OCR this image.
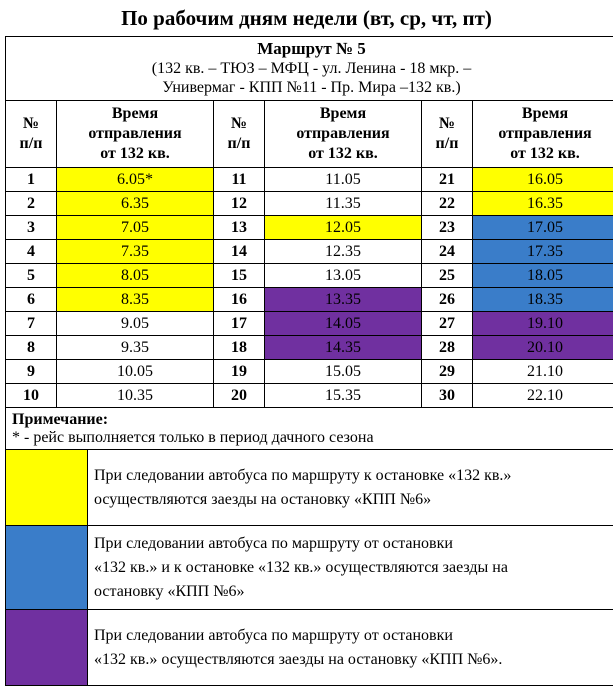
По рабочим дням недели (вт, ср, чт, пт)
Маршрут № 5
(132 кв. – ТЮЗ – МФЦ - ул. Ленина - 18 мкр. –
Универмаг - КПП №11 - Пр. Мира –132 кв.)					
№
п/п	Время
отправления
от 132 кв.	№
п/п	Время
отправления
от 132 кв.	№
п/п	Время
отправления
от 132 кв.
1	6.05*	11	11.05	21	16.05
2	6.35	12	11.35	22	16.35
3	7.05	13	12.05	23	17.05
4	7.35	14	12.35	24	17.35
5	8.05	15	13.05	25	18.05
6	8.35	16	13.35	26	18.35
7	9.05	17	14.05	27	19.10
8	9.35	18	14.35	28	20.10
9	10.05	19	15.05	29	21.10
10	10.35	20	15.35	30	22.10
Примечание:
* - рейс выполняется только в период дачного сезона
	При следовании автобуса по маршруту к остановке «132 кв.»
осуществляются заезды на остановку «КПП №6»
	При следовании автобуса по маршруту от остановки
«132 кв.» и к остановке «132 кв.» осуществляются заезды на
остановку «КПП №6»
	При следовании автобуса по маршруту от остановки
«132 кв.» осуществляются заезды на остановку «КПП №6».
